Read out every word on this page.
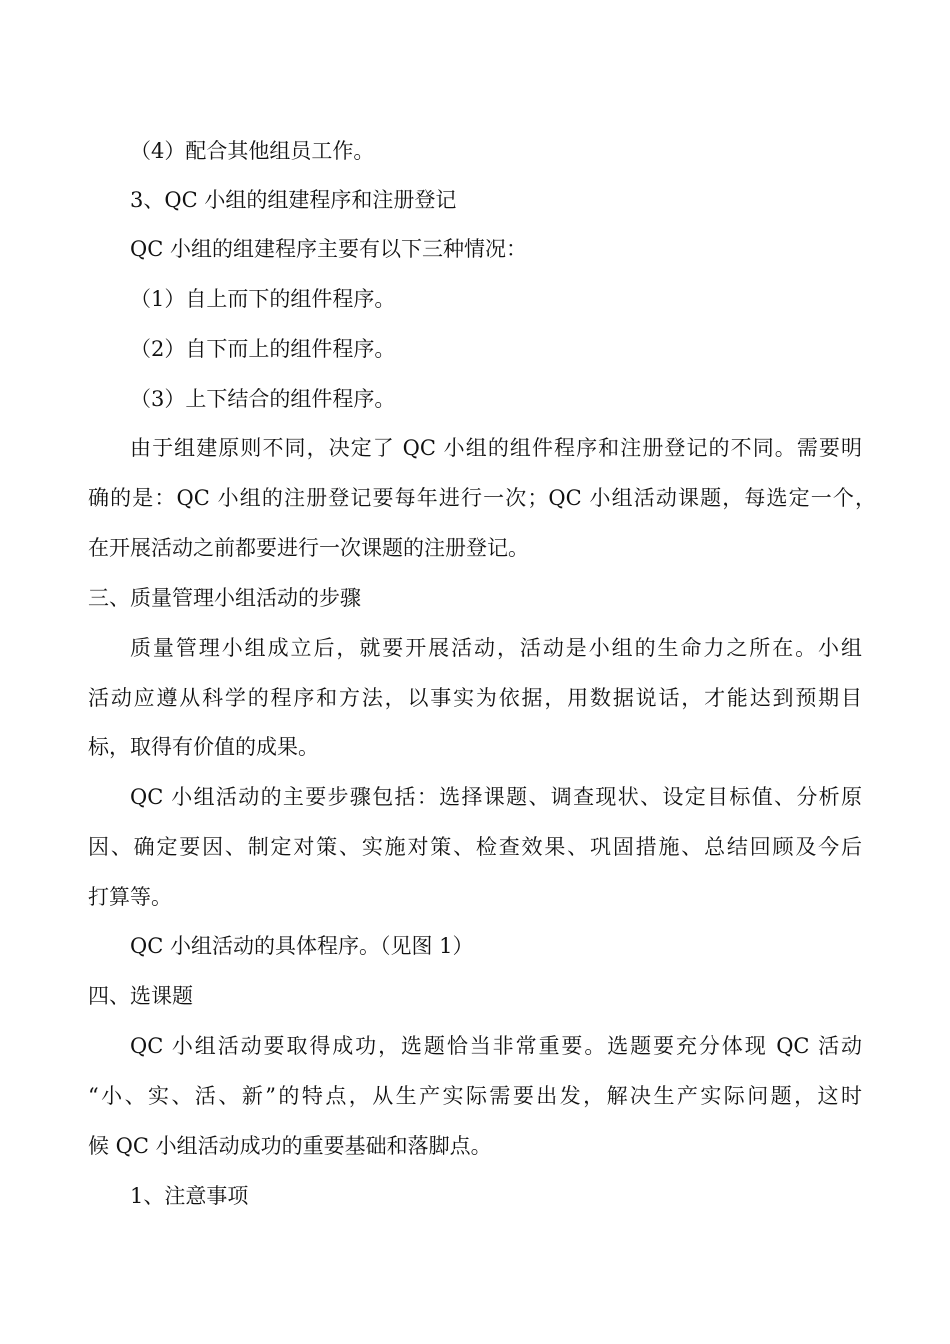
（4）配合其他组员工作。
3、QC 小组的组建程序和注册登记
QC 小组的组建程序主要有以下三种情况：
（1）自上而下的组件程序。
（2）自下而上的组件程序。
（3）上下结合的组件程序。
由于组建原则不同，决定了 QC 小组的组件程序和注册登记的不同。需要明
确的是：QC 小组的注册登记要每年进行一次；QC 小组活动课题，每选定一个，
在开展活动之前都要进行一次课题的注册登记。
三、质量管理小组活动的步骤
质量管理小组成立后，就要开展活动，活动是小组的生命力之所在。小组
活动应遵从科学的程序和方法，以事实为依据，用数据说话，才能达到预期目
标，取得有价值的成果。
QC 小组活动的主要步骤包括：选择课题、调查现状、设定目标值、分析原
因、确定要因、制定对策、实施对策、检查效果、巩固措施、总结回顾及今后
打算等。
QC 小组活动的具体程序。（见图 1）
四、选课题
QC 小组活动要取得成功，选题恰当非常重要。选题要充分体现 QC 活动
“小、实、活、新”的特点，从生产实际需要出发，解决生产实际问题，这时
候 QC 小组活动成功的重要基础和落脚点。
1、注意事项
